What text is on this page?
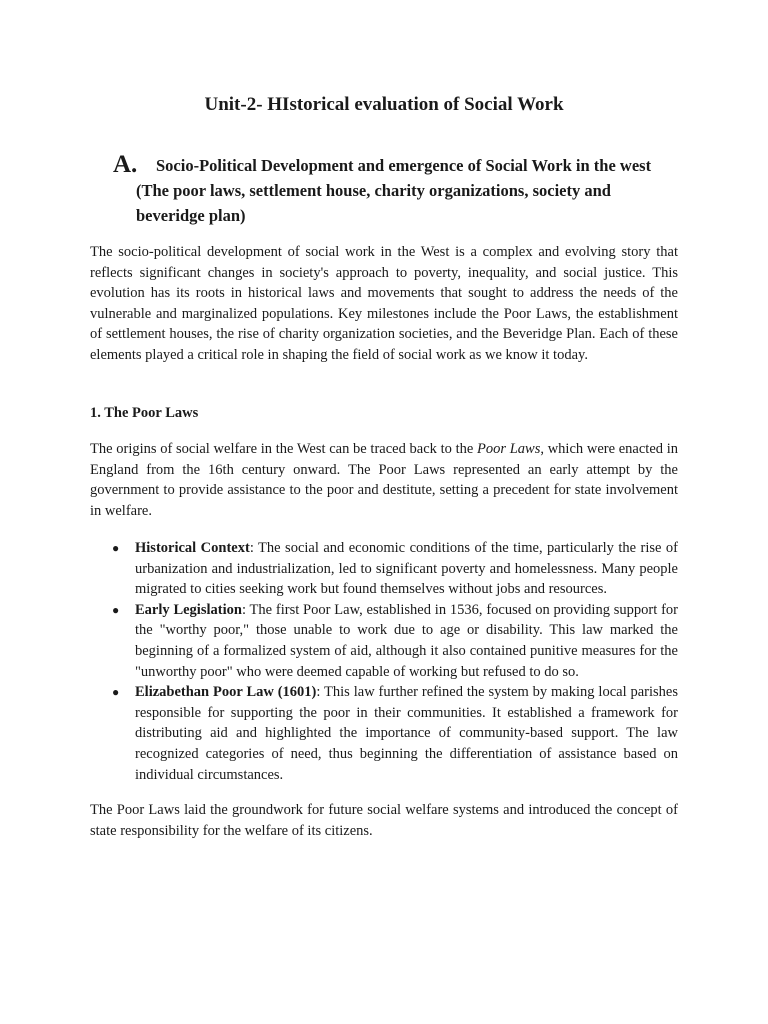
Unit-2- HIstorical evaluation of Social Work
A.	Socio-Political Development and emergence of Social Work in the west (The poor laws, settlement house, charity organizations, society and beveridge plan)

The socio-political development of social work in the West is a complex and evolving story that reflects significant changes in society's approach to poverty, inequality, and social justice. This evolution has its roots in historical laws and movements that sought to address the needs of the vulnerable and marginalized populations. Key milestones include the Poor Laws, the establishment of settlement houses, the rise of charity organization societies, and the Beveridge Plan. Each of these elements played a critical role in shaping the field of social work as we know it today.

1. The Poor Laws

The origins of social welfare in the West can be traced back to the Poor Laws, which were enacted in England from the 16th century onward. The Poor Laws represented an early attempt by the government to provide assistance to the poor and destitute, setting a precedent for state involvement in welfare.

● Historical Context: The social and economic conditions of the time, particularly the rise of urbanization and industrialization, led to significant poverty and homelessness. Many people migrated to cities seeking work but found themselves without jobs and resources.
● Early Legislation: The first Poor Law, established in 1536, focused on providing support for the "worthy poor," those unable to work due to age or disability. This law marked the beginning of a formalized system of aid, although it also contained punitive measures for the "unworthy poor" who were deemed capable of working but refused to do so.
● Elizabethan Poor Law (1601): This law further refined the system by making local parishes responsible for supporting the poor in their communities. It established a framework for distributing aid and highlighted the importance of community-based support. The law recognized categories of need, thus beginning the differentiation of assistance based on individual circumstances.

The Poor Laws laid the groundwork for future social welfare systems and introduced the concept of state responsibility for the welfare of its citizens.
